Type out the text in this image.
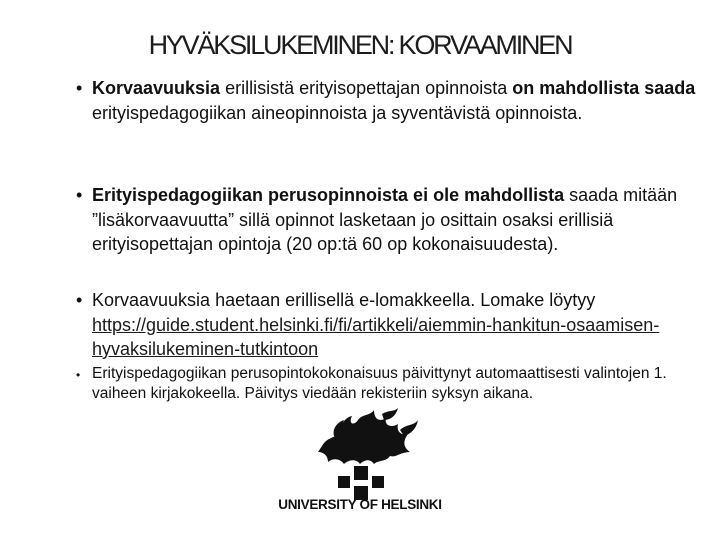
HYVÄKSILUKEMINEN: KORVAAMINEN
• Korvaavuuksia erillisistä erityisopettajan opinnoista on mahdollista saada erityispedagogiikan aineopinnoista ja syventävistä opinnoista.
• Erityispedagogiikan perusopinnoista ei ole mahdollista saada mitään ”lisäkorvaavuutta” sillä opinnot lasketaan jo osittain osaksi erillisiä erityisopettajan opintoja (20 op:tä 60 op kokonaisuudesta).
• Korvaavuuksia haetaan erillisellä e-lomakkeella. Lomake löytyy https://guide.student.helsinki.fi/fi/artikkeli/aiemmin-hankitun-osaamisen-hyvaksilukeminen-tutkintoon
• Erityispedagogiikan perusopintokokonaisuus päivittynyt automaattisesti valintojen 1. vaiheen kirjakokeella. Päivitys viedään rekisteriin syksyn aikana.
UNIVERSITY OF HELSINKI
